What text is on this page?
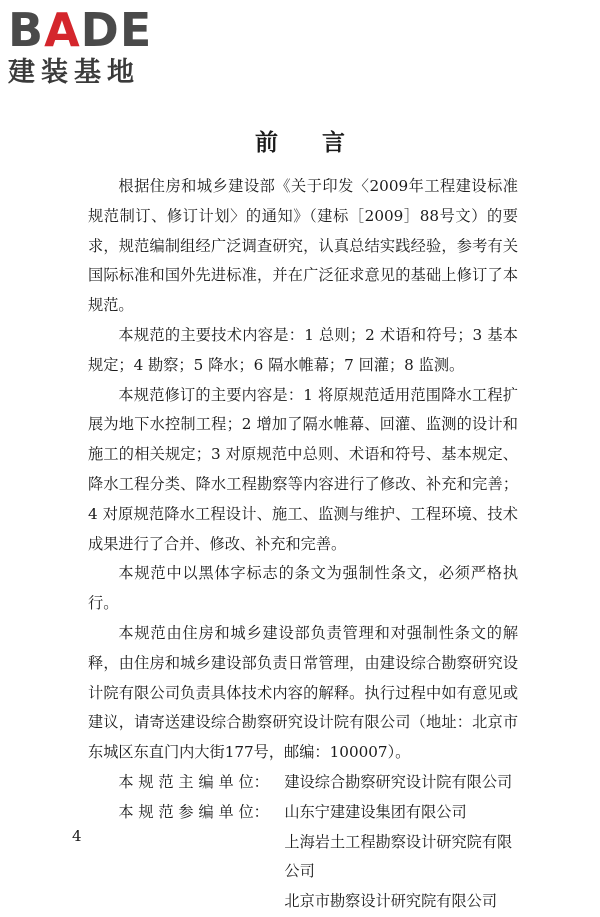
BADE
建装基地
前言

根据住房和城乡建设部《关于印发〈2009年工程建设标准规范制订、修订计划〉的通知》（建标［2009］88号文）的要求，规范编制组经广泛调查研究，认真总结实践经验，参考有关国际标准和国外先进标准，并在广泛征求意见的基础上修订了本规范。

本规范的主要技术内容是：1 总则；2 术语和符号；3 基本规定；4 勘察；5 降水；6 隔水帷幕；7 回灌；8 监测。

本规范修订的主要内容是：1 将原规范适用范围降水工程扩展为地下水控制工程；2 增加了隔水帷幕、回灌、监测的设计和施工的相关规定；3 对原规范中总则、术语和符号、基本规定、降水工程分类、降水工程勘察等内容进行了修改、补充和完善；4 对原规范降水工程设计、施工、监测与维护、工程环境、技术成果进行了合并、修改、补充和完善。

本规范中以黑体字标志的条文为强制性条文，必须严格执行。

本规范由住房和城乡建设部负责管理和对强制性条文的解释，由住房和城乡建设部负责日常管理，由建设综合勘察研究设计院有限公司负责具体技术内容的解释。执行过程中如有意见或建议，请寄送建设综合勘察研究设计院有限公司（地址：北京市东城区东直门内大街177号，邮编：100007）。

本 规 范 主 编 单 位：	建设综合勘察研究设计院有限公司
本 规 范 参 编 单 位：	山东宁建建设集团有限公司
上海岩土工程勘察设计研究院有限公司
北京市勘察设计研究院有限公司
4
